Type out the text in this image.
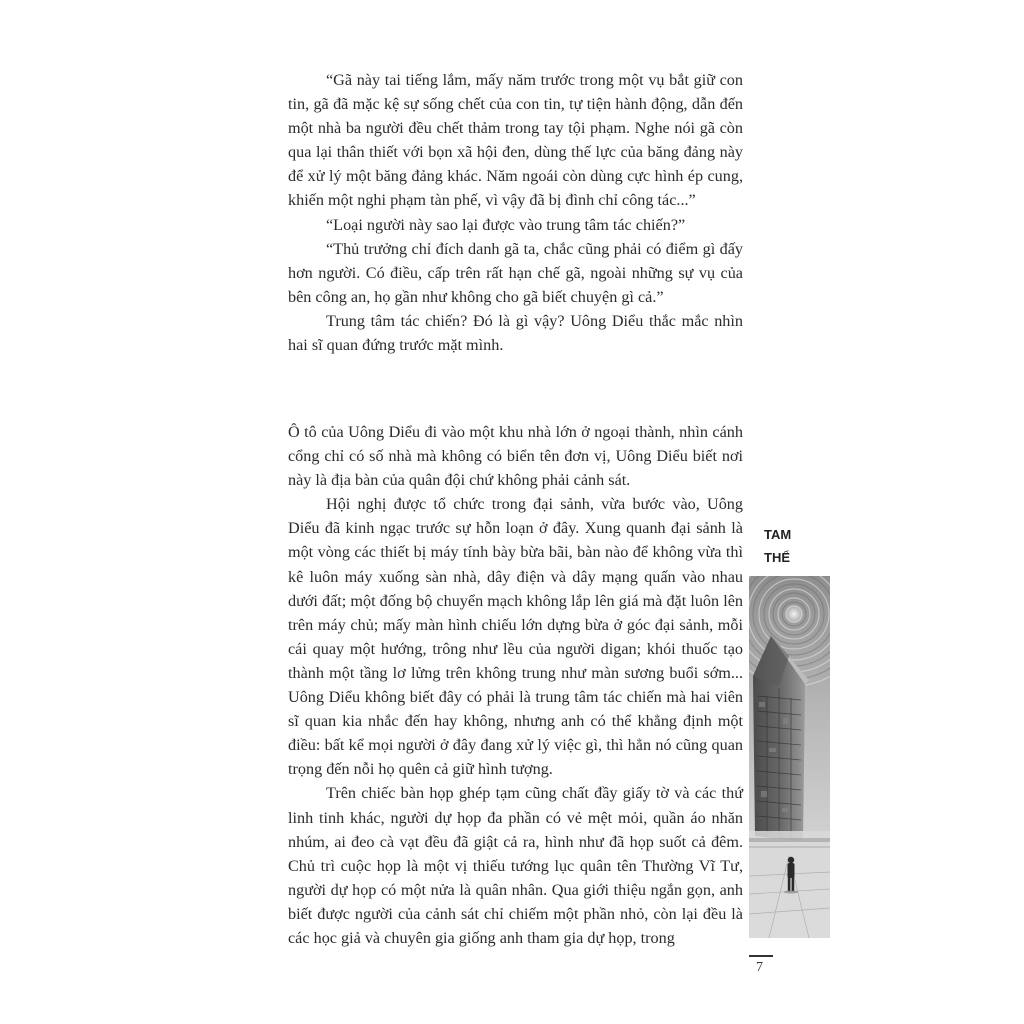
“Gã này tai tiếng lắm, mấy năm trước trong một vụ bắt giữ con tin, gã đã mặc kệ sự sống chết của con tin, tự tiện hành động, dẫn đến một nhà ba người đều chết thảm trong tay tội phạm. Nghe nói gã còn qua lại thân thiết với bọn xã hội đen, dùng thế lực của băng đảng này để xử lý một băng đảng khác. Năm ngoái còn dùng cực hình ép cung, khiến một nghi phạm tàn phế, vì vậy đã bị đình chỉ công tác...”

“Loại người này sao lại được vào trung tâm tác chiến?”

“Thủ trưởng chỉ đích danh gã ta, chắc cũng phải có điểm gì đấy hơn người. Có điều, cấp trên rất hạn chế gã, ngoài những sự vụ của bên công an, họ gần như không cho gã biết chuyện gì cả.”

Trung tâm tác chiến? Đó là gì vậy? Uông Diểu thắc mắc nhìn hai sĩ quan đứng trước mặt mình.

Ô tô của Uông Diểu đi vào một khu nhà lớn ở ngoại thành, nhìn cánh cổng chỉ có số nhà mà không có biển tên đơn vị, Uông Diểu biết nơi này là địa bàn của quân đội chứ không phải cảnh sát.

Hội nghị được tổ chức trong đại sảnh, vừa bước vào, Uông Diểu đã kinh ngạc trước sự hỗn loạn ở đây. Xung quanh đại sảnh là một vòng các thiết bị máy tính bày bừa bãi, bàn nào để không vừa thì kê luôn máy xuống sàn nhà, dây điện và dây mạng quấn vào nhau dưới đất; một đống bộ chuyển mạch không lắp lên giá mà đặt luôn lên trên máy chủ; mấy màn hình chiếu lớn dựng bừa ở góc đại sảnh, mỗi cái quay một hướng, trông như lều của người digan; khói thuốc tạo thành một tầng lơ lửng trên không trung như màn sương buổi sớm... Uông Diểu không biết đây có phải là trung tâm tác chiến mà hai viên sĩ quan kia nhắc đến hay không, nhưng anh có thể khẳng định một điều: bất kể mọi người ở đây đang xử lý việc gì, thì hẳn nó cũng quan trọng đến nỗi họ quên cả giữ hình tượng.

Trên chiếc bàn họp ghép tạm cũng chất đầy giấy tờ và các thứ linh tinh khác, người dự họp đa phần có vẻ mệt mỏi, quần áo nhăn nhúm, ai đeo cà vạt đều đã giật cả ra, hình như đã họp suốt cả đêm. Chủ trì cuộc họp là một vị thiếu tướng lục quân tên Thường Vĩ Tư, người dự họp có một nửa là quân nhân. Qua giới thiệu ngắn gọn, anh biết được người của cảnh sát chỉ chiếm một phần nhỏ, còn lại đều là các học giả và chuyên gia giống anh tham gia dự họp, trong

TAM
THỂ
7
